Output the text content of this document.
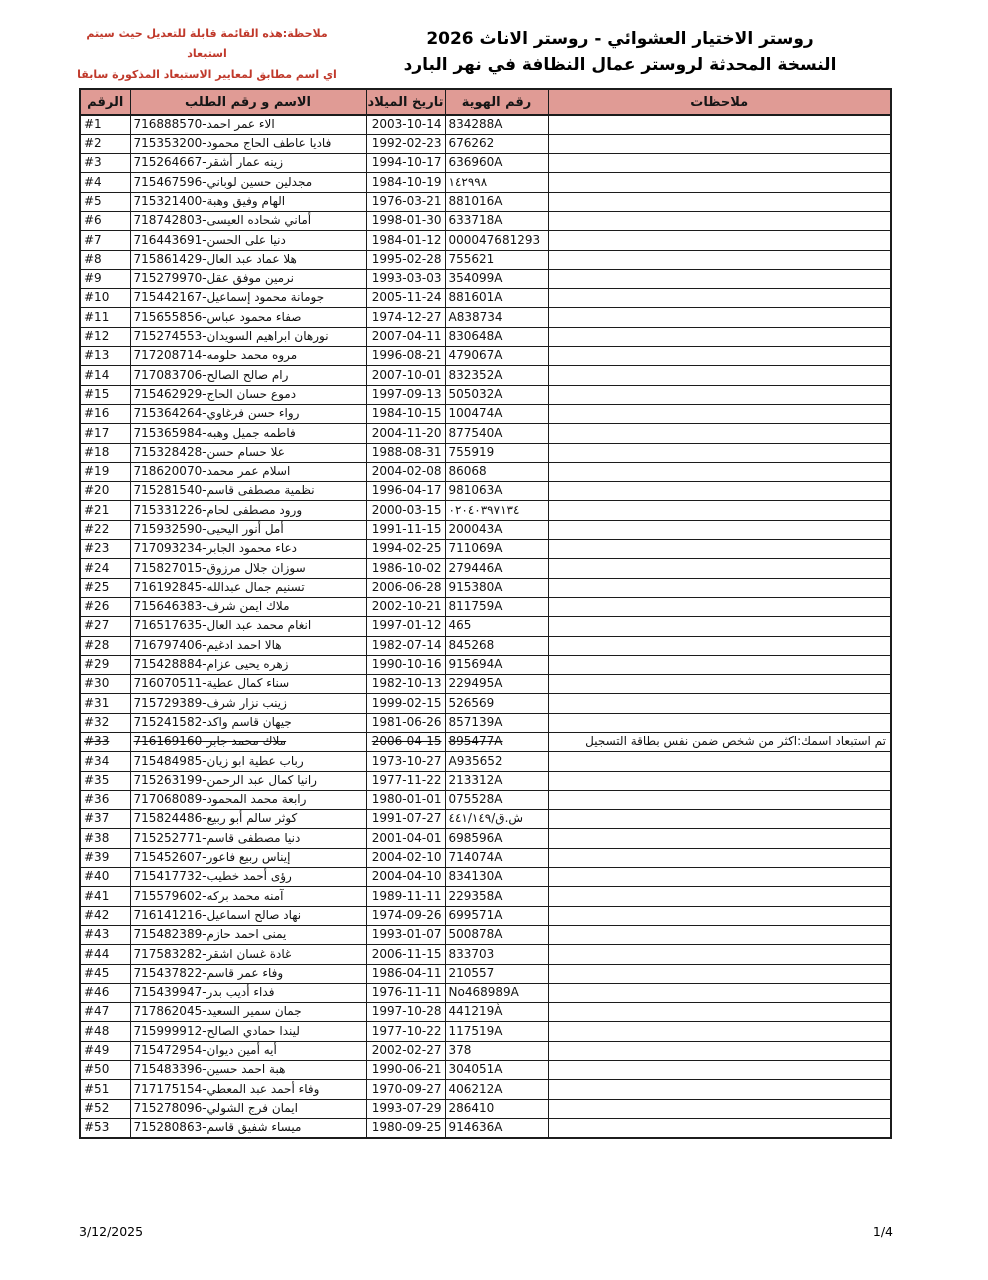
ملاحظة:هذه القائمة قابلة للتعديل حيث سيتم استبعاد
اي اسم مطابق لمعايير الاستبعاد المذكورة سابقا
روستر الاختيار العشوائي - روستر الاناث 2026
النسخة المحدثة لروستر عمال النظافة في نهر البارد
الرقم	الاسم و رقم الطلب	تاريخ الميلاد	رقم الهوية	ملاحظات
#1	الاء عمر احمد-716888570	2003-10-14	834288A	
#2	فاديا عاطف الحاج محمود-715353200	1992-02-23	676262	
#3	زينه عمار أشقر-715264667	1994-10-17	636960A	
#4	مجدلين حسين لوباني-715467596	1984-10-19	١٤٢٩٩٨	
#5	الهام وفيق وهبة-715321400	1976-03-21	881016A	
#6	أماني شحاده العيسى-718742803	1998-01-30	633718A	
#7	دنيا على الحسن-716443691	1984-01-12	000047681293	
#8	هلا عماد عبد العال-715861429	1995-02-28	755621	
#9	نرمين موفق عقل-715279970	1993-03-03	354099A	
#10	جومانة محمود إسماعيل-715442167	2005-11-24	881601A	
#11	صفاء محمود عباس-715655856	1974-12-27	A838734	
#12	نورهان ابراهيم السويدان-715274553	2007-04-11	830648A	
#13	مروه محمد حلومه-717208714	1996-08-21	479067A	
#14	رام صالح الصالح-717083706	2007-10-01	832352A	
#15	دموع حسان الحاج-715462929	1997-09-13	505032A	
#16	رواء حسن فرغاوي-715364264	1984-10-15	100474A	
#17	فاطمه جميل وهبه-715365984	2004-11-20	877540A	
#18	علا حسام حسن-715328428	1988-08-31	755919	
#19	اسلام عمر محمد-718620070	2004-02-08	86068	
#20	نظمية مصطفى قاسم-715281540	1996-04-17	981063A	
#21	ورود مصطفى لحام-715331226	2000-03-15	٠٢٠٤٠٣٩٧١٣٤	
#22	أمل أنور اليحيى-715932590	1991-11-15	200043A	
#23	دعاء محمود الجابر-717093234	1994-02-25	711069A	
#24	سوزان جلال مرزوق-715827015	1986-10-02	279446A	
#25	تسنيم جمال عبدالله-716192845	2006-06-28	915380A	
#26	ملاك ايمن شرف-715646383	2002-10-21	811759A	
#27	انغام محمد عبد العال-716517635	1997-01-12	465	
#28	هالا احمد ادغيم-716797406	1982-07-14	845268	
#29	زهره يحيى عزام-715428884	1990-10-16	915694A	
#30	سناء كمال عطية-716070511	1982-10-13	229495A	
#31	زينب نزار شرف-715729389	1999-02-15	526569	
#32	جيهان قاسم واكد-715241582	1981-06-26	857139A	
#33	ملاك محمد جابر-716169160	2006-04-15	895477A	تم استبعاد اسمك:اكثر من شخص ضمن نفس بطاقة التسجيل
#34	رباب عطية ابو زيان-715484985	1973-10-27	A935652	
#35	رانيا كمال عبد الرحمن-715263199	1977-11-22	213312A	
#36	رابعة محمد المحمود-717068089	1980-01-01	075528A	
#37	كوثر سالم أبو ربيع-715824486	1991-07-27	ش.ق/٤٤١/١٤٩	
#38	دنيا مصطفى قاسم-715252771	2001-04-01	698596A	
#39	إيناس ربيع فاعور-715452607	2004-02-10	714074A	
#40	رؤى أحمد خطيب-715417732	2004-04-10	834130A	
#41	آمنه محمد بركه-715579602	1989-11-11	229358A	
#42	نهاد صالح اسماعيل-716141216	1974-09-26	699571A	
#43	يمنى احمد حازم-715482389	1993-01-07	500878A	
#44	غادة غسان اشقر-717583282	2006-11-15	833703	
#45	وفاء عمر قاسم-715437822	1986-04-11	210557	
#46	فداء أديب بدر-715439947	1976-11-11	No468989A	
#47	جمان سمير السعيد-717862045	1997-10-28	441219À	
#48	ليندا حمادي الصالح-715999912	1977-10-22	117519A	
#49	أيه أمين ديوان-715472954	2002-02-27	378	
#50	هبة احمد حسين-715483396	1990-06-21	304051A	
#51	وفاء أحمد عبد المعطي-717175154	1970-09-27	406212A	
#52	ايمان فرج الشولي-715278096	1993-07-29	286410	
#53	ميساء شفيق قاسم-715280863	1980-09-25	914636A	
3/12/2025	1/4
